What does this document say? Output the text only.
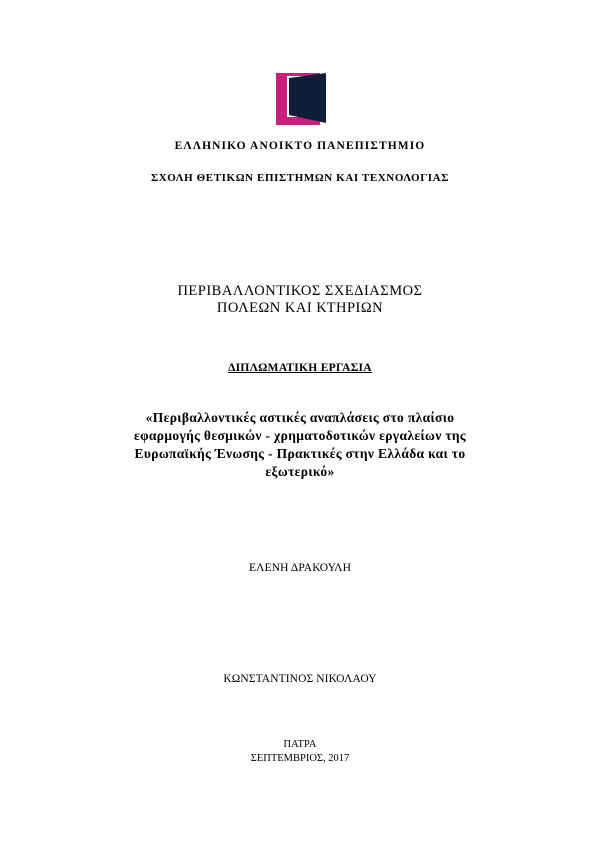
ΕΛΛΗΝΙΚΟ ΑΝΟΙΚΤΟ ΠΑΝΕΠΙΣΤΗΜΙΟ
ΣΧΟΛΗ ΘΕΤΙΚΩΝ ΕΠΙΣΤΗΜΩΝ ΚΑΙ ΤΕΧΝΟΛΟΓΙΑΣ
ΠΕΡΙΒΑΛΛΟΝΤΙΚΟΣ ΣΧΕΔΙΑΣΜΟΣ
ΠΟΛΕΩΝ ΚΑΙ ΚΤΗΡΙΩΝ
ΔΙΠΛΩΜΑΤΙΚΗ ΕΡΓΑΣΙΑ
«Περιβαλλοντικές αστικές αναπλάσεις στο πλαίσιο
εφαρμογής θεσμικών - χρηματοδοτικών εργαλείων της
Ευρωπαϊκής Ένωσης - Πρακτικές στην Ελλάδα και το
εξωτερικό»
ΕΛΕΝΗ ΔΡΑΚΟΥΛΗ
ΚΩΝΣΤΑΝΤΙΝΟΣ ΝΙΚΟΛΑΟΥ
ΠΑΤΡΑ
ΣΕΠΤΕΜΒΡΙΟΣ, 2017
